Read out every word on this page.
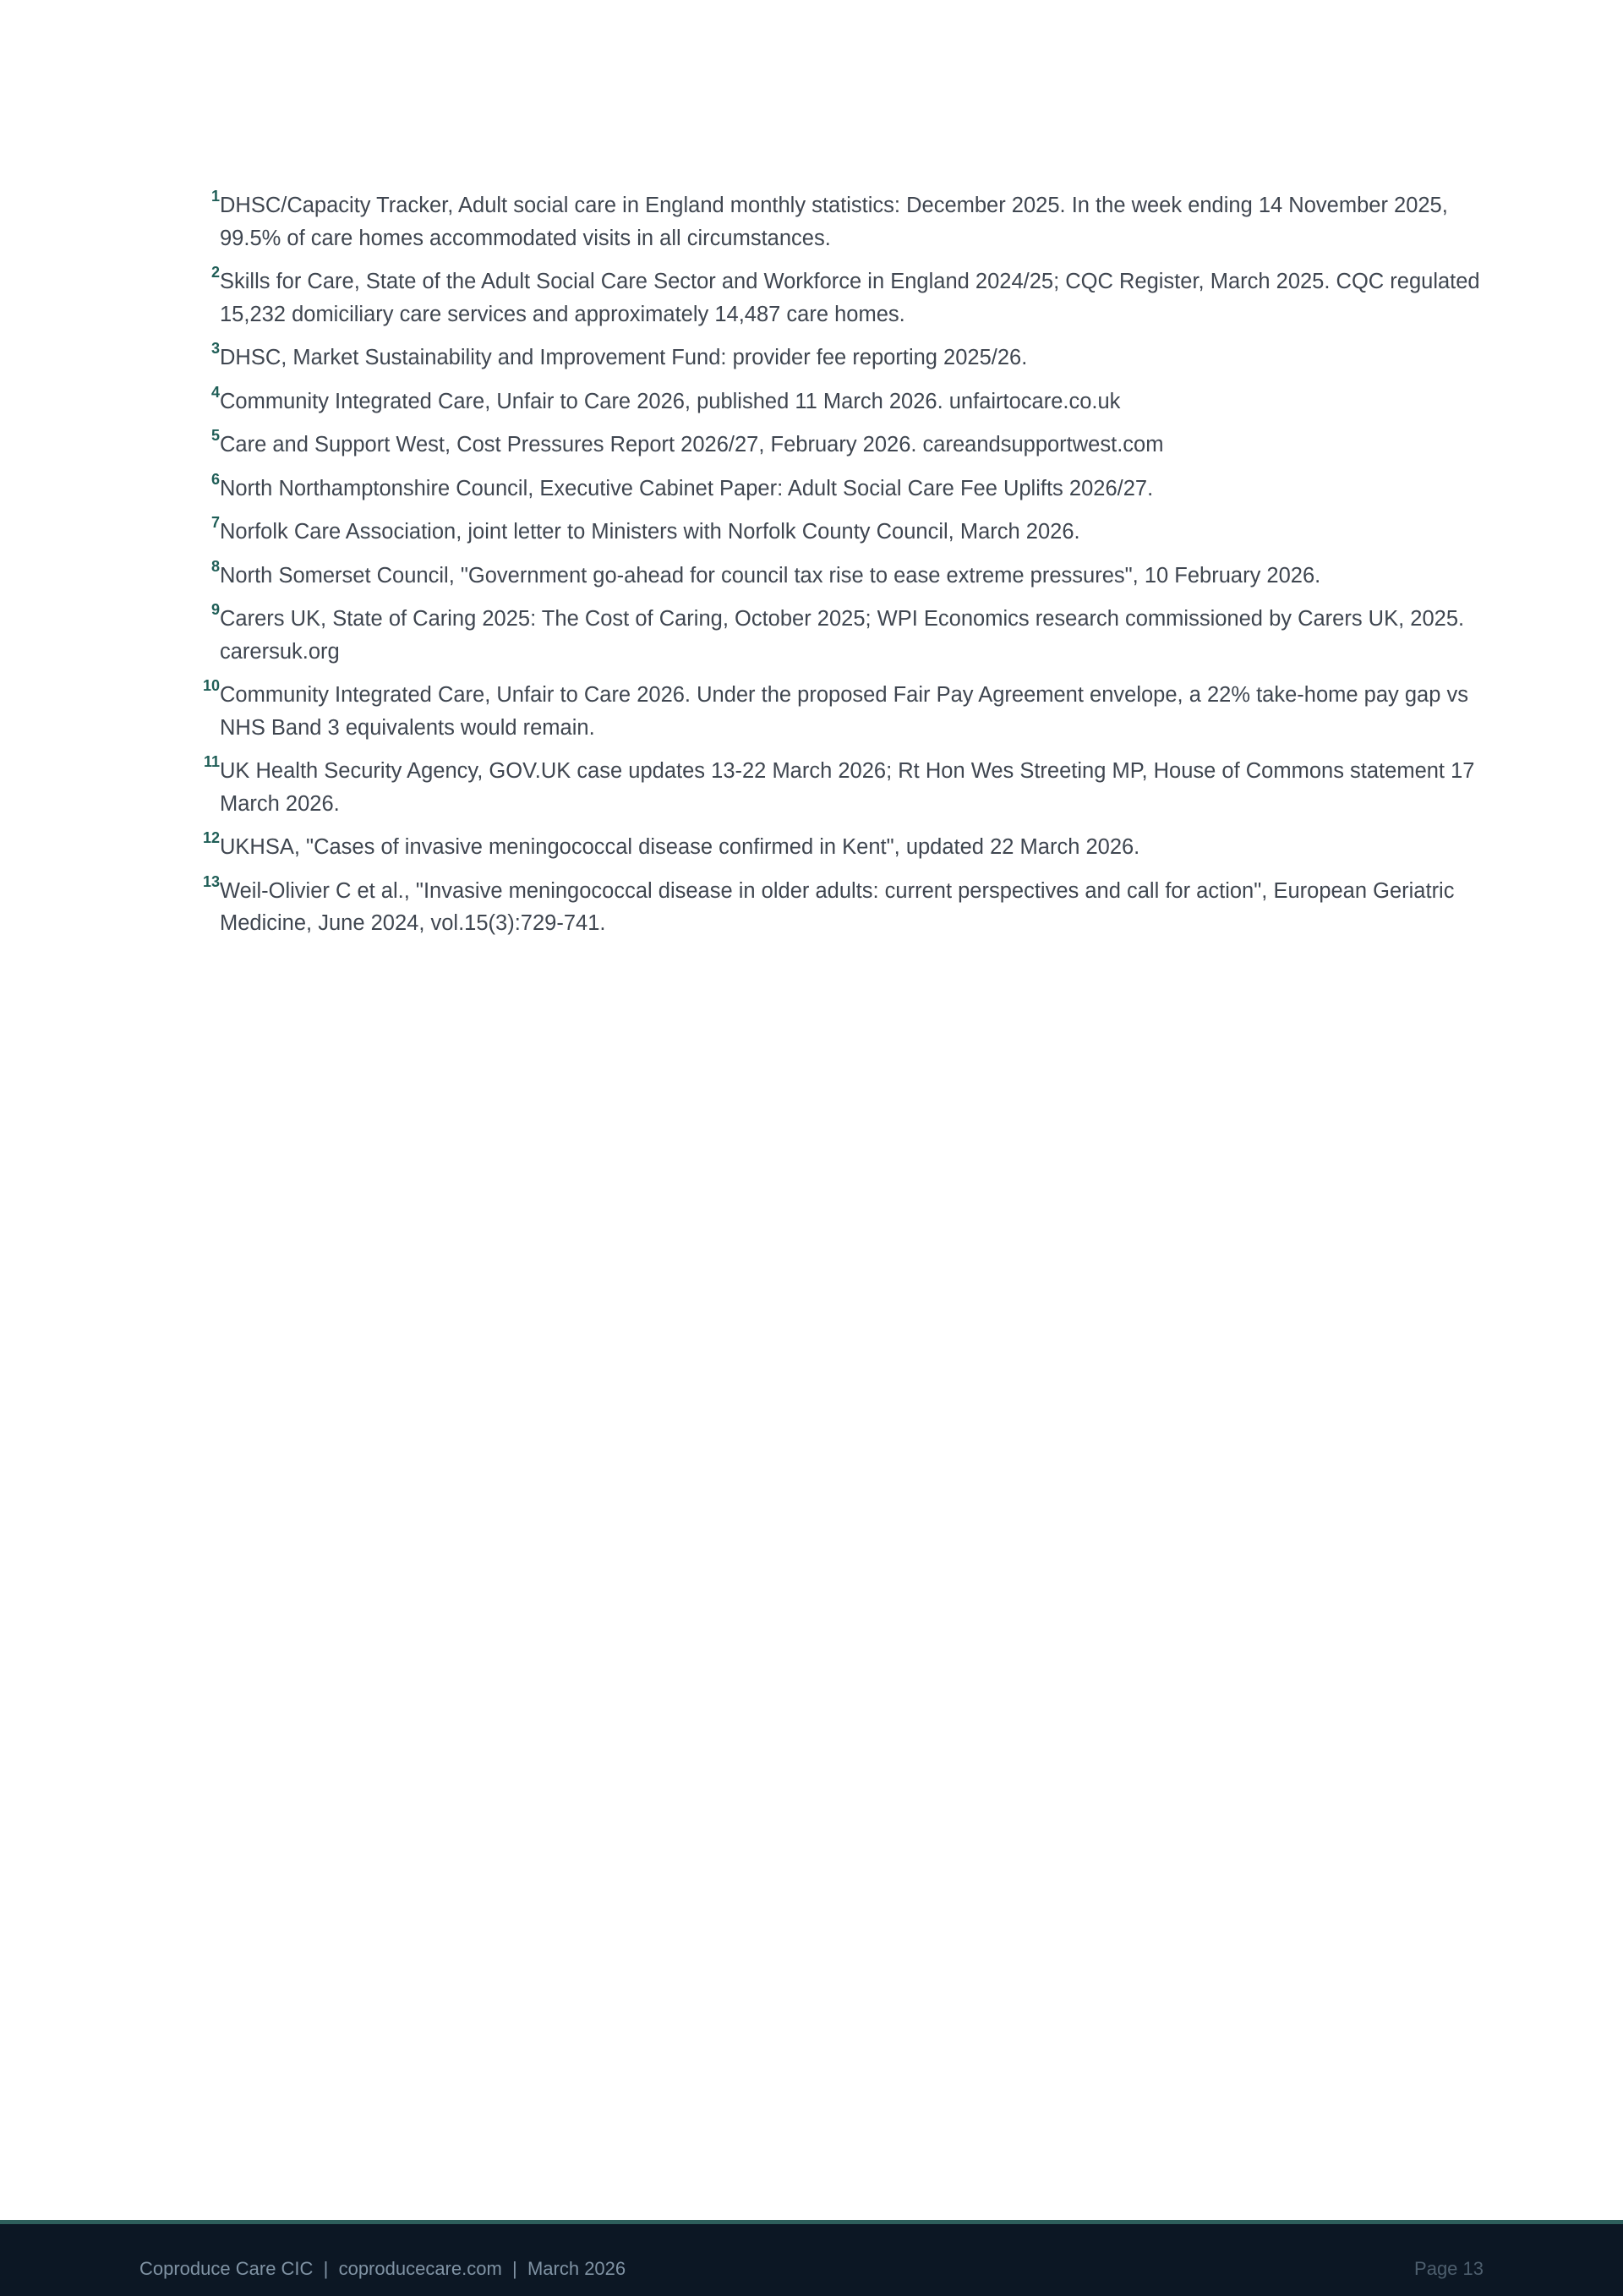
1 DHSC/Capacity Tracker, Adult social care in England monthly statistics: December 2025. In the week ending 14 November 2025, 99.5% of care homes accommodated visits in all circumstances.
2 Skills for Care, State of the Adult Social Care Sector and Workforce in England 2024/25; CQC Register, March 2025. CQC regulated 15,232 domiciliary care services and approximately 14,487 care homes.
3 DHSC, Market Sustainability and Improvement Fund: provider fee reporting 2025/26.
4 Community Integrated Care, Unfair to Care 2026, published 11 March 2026. unfairtocare.co.uk
5 Care and Support West, Cost Pressures Report 2026/27, February 2026. careandsupportwest.com
6 North Northamptonshire Council, Executive Cabinet Paper: Adult Social Care Fee Uplifts 2026/27.
7 Norfolk Care Association, joint letter to Ministers with Norfolk County Council, March 2026.
8 North Somerset Council, "Government go-ahead for council tax rise to ease extreme pressures", 10 February 2026.
9 Carers UK, State of Caring 2025: The Cost of Caring, October 2025; WPI Economics research commissioned by Carers UK, 2025. carersuk.org
10 Community Integrated Care, Unfair to Care 2026. Under the proposed Fair Pay Agreement envelope, a 22% take-home pay gap vs NHS Band 3 equivalents would remain.
11 UK Health Security Agency, GOV.UK case updates 13-22 March 2026; Rt Hon Wes Streeting MP, House of Commons statement 17 March 2026.
12 UKHSA, "Cases of invasive meningococcal disease confirmed in Kent", updated 22 March 2026.
13 Weil-Olivier C et al., "Invasive meningococcal disease in older adults: current perspectives and call for action", European Geriatric Medicine, June 2024, vol.15(3):729-741.
Coproduce Care CIC  |  coproducecare.com  |  March 2026	Page 13
